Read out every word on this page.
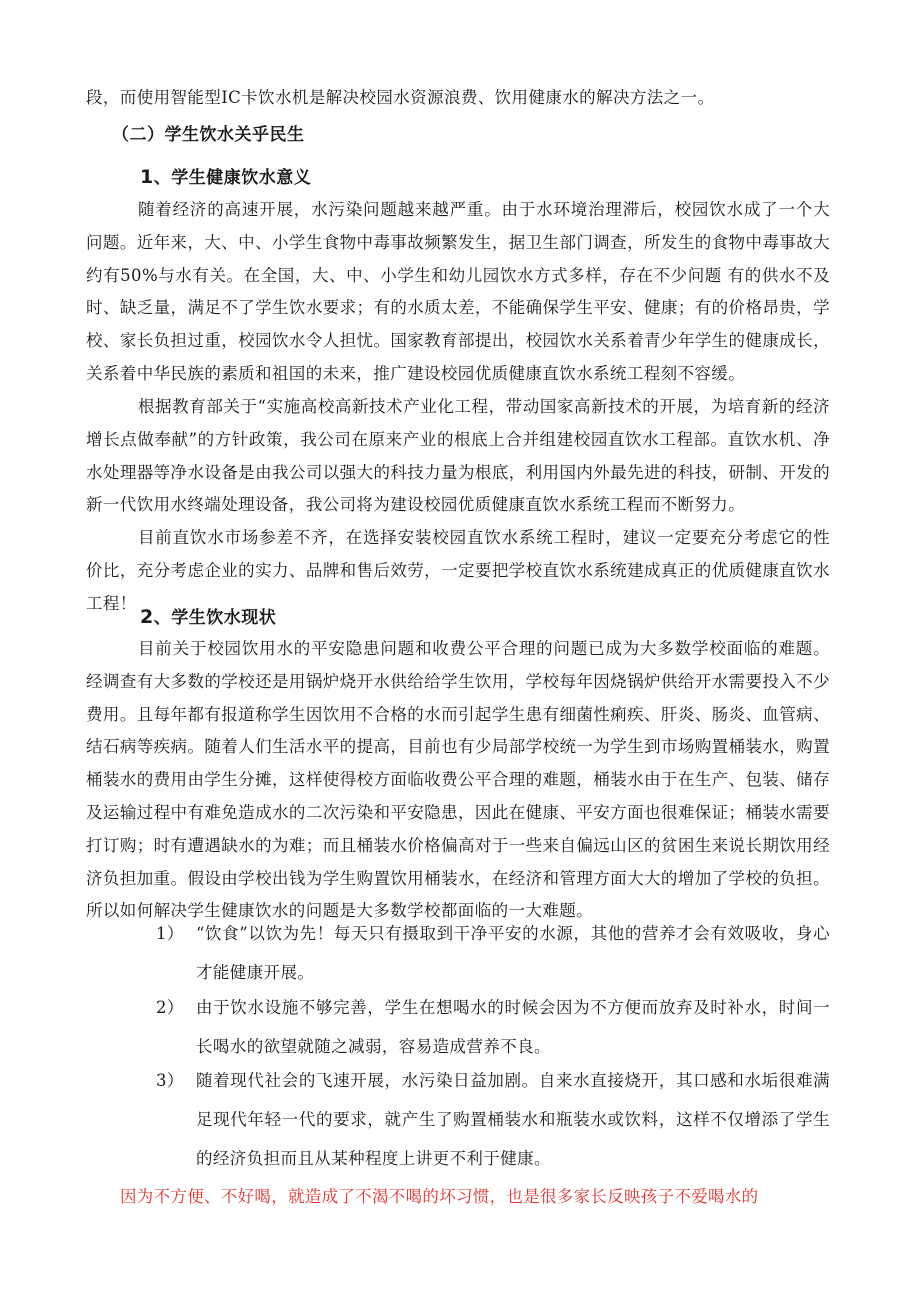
段，而使用智能型IC卡饮水机是解决校园水资源浪费、饮用健康水的解决方法之一。

（二）学生饮水关乎民生
1、学生健康饮水意义

随着经济的高速开展，水污染问题越来越严重。由于水环境治理滞后，校园饮水成了一个大问题。近年来，大、中、小学生食物中毒事故频繁发生，据卫生部门调查，所发生的食物中毒事故大约有50%与水有关。在全国，大、中、小学生和幼儿园饮水方式多样，存在不少问题 有的供水不及时、缺乏量，满足不了学生饮水要求；有的水质太差，不能确保学生平安、健康；有的价格昂贵，学校、家长负担过重，校园饮水令人担忧。国家教育部提出，校园饮水关系着青少年学生的健康成长，关系着中华民族的素质和祖国的未来，推广建设校园优质健康直饮水系统工程刻不容缓。

根据教育部关于“实施高校高新技术产业化工程，带动国家高新技术的开展，为培育新的经济增长点做奉献”的方针政策，我公司在原来产业的根底上合并组建校园直饮水工程部。直饮水机、净水处理器等净水设备是由我公司以强大的科技力量为根底，利用国内外最先进的科技，研制、开发的新一代饮用水终端处理设备，我公司将为建设校园优质健康直饮水系统工程而不断努力。

目前直饮水市场参差不齐，在选择安装校园直饮水系统工程时，建议一定要充分考虑它的性价比，充分考虑企业的实力、品牌和售后效劳，一定要把学校直饮水系统建成真正的优质健康直饮水工程！

2、学生饮水现状

目前关于校园饮用水的平安隐患问题和收费公平合理的问题已成为大多数学校面临的难题。经调查有大多数的学校还是用锅炉烧开水供给给学生饮用，学校每年因烧锅炉供给开水需要投入不少费用。且每年都有报道称学生因饮用不合格的水而引起学生患有细菌性痢疾、肝炎、肠炎、血管病、结石病等疾病。随着人们生活水平的提高，目前也有少局部学校统一为学生到市场购置桶装水，购置桶装水的费用由学生分摊，这样使得校方面临收费公平合理的难题，桶装水由于在生产、包装、储存及运输过程中有难免造成水的二次污染和平安隐患，因此在健康、平安方面也很难保证；桶装水需要打订购；时有遭遇缺水的为难；而且桶装水价格偏高对于一些来自偏远山区的贫困生来说长期饮用经济负担加重。假设由学校出钱为学生购置饮用桶装水，在经济和管理方面大大的增加了学校的负担。所以如何解决学生健康饮水的问题是大多数学校都面临的一大难题。

1） “饮食”以饮为先！每天只有摄取到干净平安的水源，其他的营养才会有效吸收，身心才能健康开展。
2） 由于饮水设施不够完善，学生在想喝水的时候会因为不方便而放弃及时补水，时间一长喝水的欲望就随之减弱，容易造成营养不良。
3） 随着现代社会的飞速开展，水污染日益加剧。自来水直接烧开，其口感和水垢很难满足现代年轻一代的要求，就产生了购置桶装水和瓶装水或饮料，这样不仅增添了学生的经济负担而且从某种程度上讲更不利于健康。

因为不方便、不好喝，就造成了不渴不喝的坏习惯，也是很多家长反映孩子不爱喝水的
